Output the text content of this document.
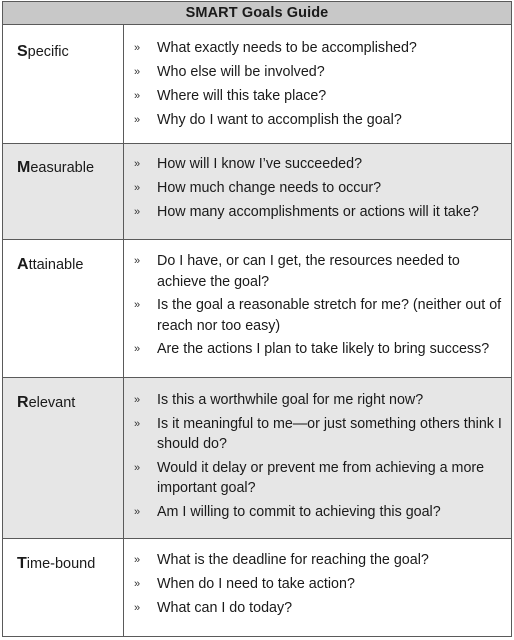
SMART Goals Guide
Specific	»	What exactly needs to be accomplished?
»	Who else will be involved?
»	Where will this take place?
»	Why do I want to accomplish the goal?
Measurable	»	How will I know I’ve succeeded?
»	How much change needs to occur?
»	How many accomplishments or actions will it take?
Attainable	»	Do I have, or can I get, the resources needed to achieve the goal?
»	Is the goal a reasonable stretch for me? (neither out of reach nor too easy)
»	Are the actions I plan to take likely to bring success?
Relevant	»	Is this a worthwhile goal for me right now?
»	Is it meaningful to me—or just something others think I should do?
»	Would it delay or prevent me from achieving a more important goal?
»	Am I willing to commit to achieving this goal?
Time-bound	»	What is the deadline for reaching the goal?
»	When do I need to take action?
»	What can I do today?
